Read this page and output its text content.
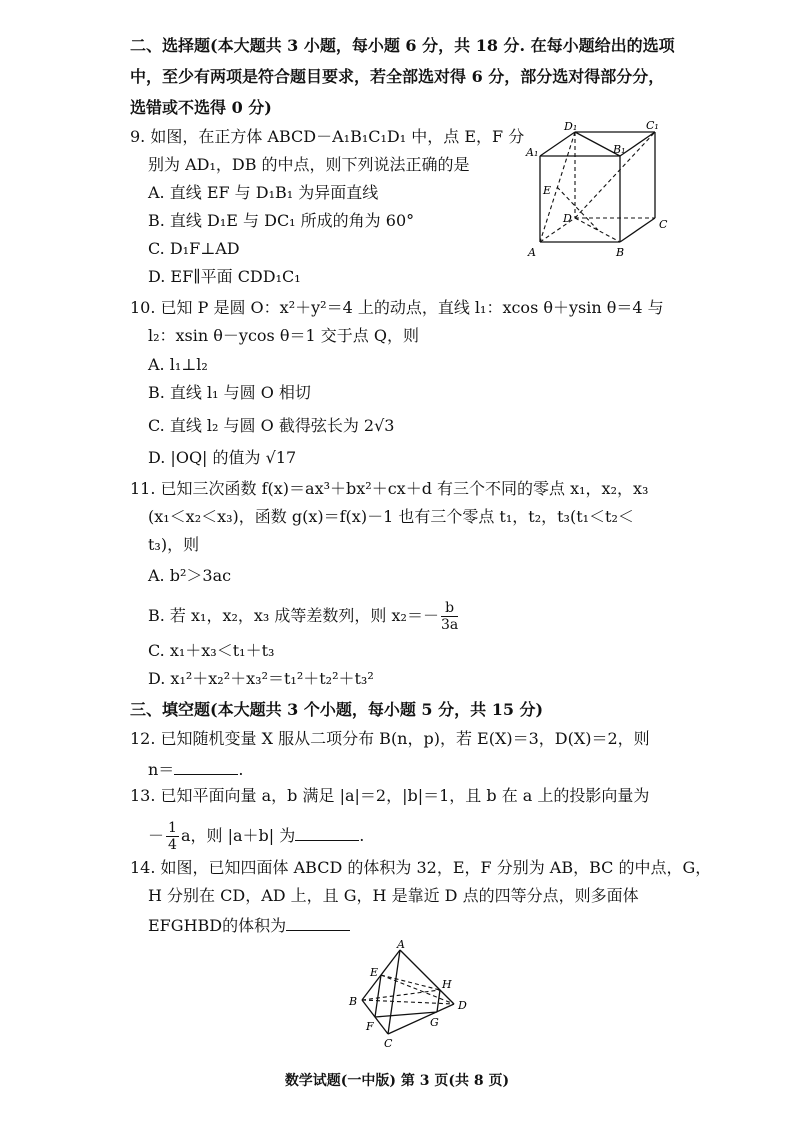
二、选择题(本大题共 3 小题，每小题 6 分，共 18 分. 在每小题给出的选项
中，至少有两项是符合题目要求，若全部选对得 6 分，部分选对得部分分，
选错或不选得 0 分)
9. 如图，在正方体 ABCD－A₁B₁C₁D₁ 中，点 E，F 分
别为 AD₁，DB 的中点，则下列说法正确的是
A. 直线 EF 与 D₁B₁ 为异面直线
B. 直线 D₁E 与 DC₁ 所成的角为 60°
C. D₁F⊥AD
D. EF∥平面 CDD₁C₁
D₁	C₁
A₁	B₁
E
D	C
A	B
10. 已知 P 是圆 O：x²＋y²＝4 上的动点，直线 l₁：xcos θ＋ysin θ＝4 与
l₂：xsin θ－ycos θ＝1 交于点 Q，则
A. l₁⊥l₂
B. 直线 l₁ 与圆 O 相切
C. 直线 l₂ 与圆 O 截得弦长为 2√3
D. |OQ| 的值为 √17
11. 已知三次函数 f(x)＝ax³＋bx²＋cx＋d 有三个不同的零点 x₁，x₂，x₃
(x₁＜x₂＜x₃)，函数 g(x)＝f(x)－1 也有三个零点 t₁，t₂，t₃(t₁＜t₂＜
t₃)，则
A. b²＞3ac
B. 若 x₁，x₂，x₃ 成等差数列，则 $x_2=- \frac{b}{3a}$
C. x₁＋x₃＜t₁＋t₃
D. x₁²＋x₂²＋x₃²＝t₁²＋t₂²＋t₃²
三、填空题(本大题共 3 个小题，每小题 5 分，共 15 分)
12. 已知随机变量 X 服从二项分布 B(n，p)，若 E(X)＝3，D(X)＝2，则
n＝	.
13. 已知平面向量 a，b 满足 |a|＝2，|b|＝1，且 b 在 a 上的投影向量为
－ $\frac{1}{4}$ a，则 |a＋b| 为	.
14. 如图，已知四面体 ABCD 的体积为 32，E，F 分别为 AB，BC 的中点，G，
H 分别在 CD，AD 上，且 G，H 是靠近 D 点的四等分点，则多面体
EFGHBD的体积为
A
E
H
B	D
F	G
C
数学试题(一中版) 第 3 页(共 8 页)
